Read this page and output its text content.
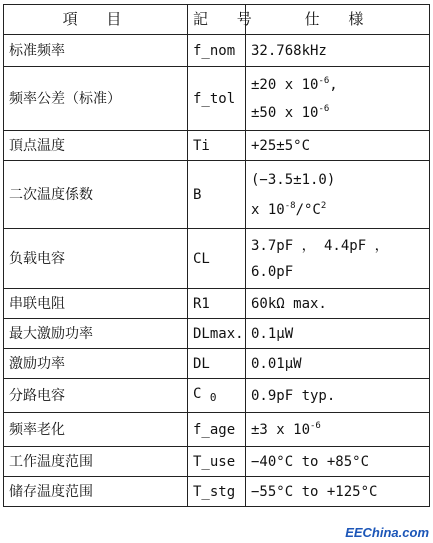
項 目	記 号	仕 様
标准频率	f_nom	32.768kHz
频率公差（标准）	f_tol	±20 x $10^{-6}$,
±50 x $10^{-6}$

頂点温度	Ti	+25±5°C
二次温度係数	B	(−3.5±1.0)
x $10^{-8}/^\circ C^2$

负载电容	CL	3.7pF ， 4.4pF ，
6.0pF

串联电阻	R1	60kΩ max.
最大激励功率	DLmax.	0.1μW
激励功率	DL	0.01μW
分路电容	C $_0$	0.9pF typ.
频率老化	f_age	±3 x $10^{-6}$
工作温度范围	T_use	−40°C to +85°C
储存温度范围	T_stg	−55°C to +125°C
EEChina.com
